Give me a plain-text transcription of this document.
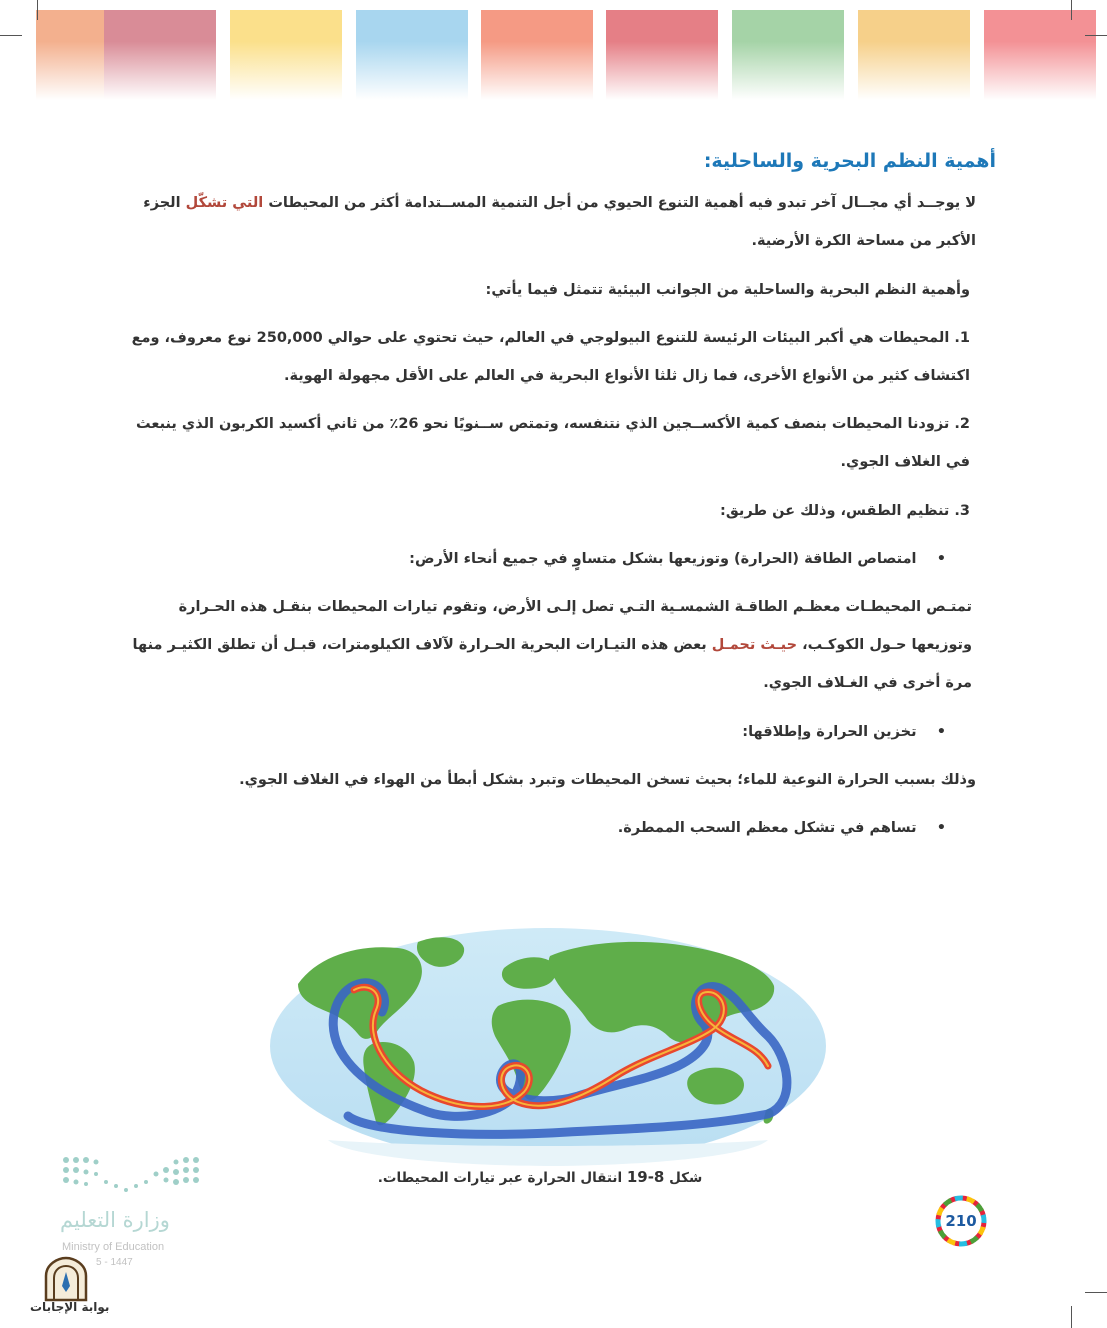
أهمية النظم البحرية والساحلية:
لا يوجــد أي مجــال آخر تبدو فيه أهمية التنوع الحيوي من أجل التنمية المســتدامة أكثر من المحيطات التي تشكّل الجزء الأكبر من مساحة الكرة الأرضية.
وأهمية النظم البحرية والساحلية من الجوانب البيئية تتمثل فيما يأتي:
1. المحيطات هي أكبر البيئات الرئيسة للتنوع البيولوجي في العالم، حيث تحتوي على حوالي 250,000 نوع معروف، ومع اكتشاف كثير من الأنواع الأخرى، فما زال ثلثا الأنواع البحرية في العالم على الأقل مجهولة الهوية.
2. تزودنا المحيطات بنصف كمية الأكســجين الذي نتنفسه، وتمتص ســنويًا نحو 26٪ من ثاني أكسيد الكربون الذي ينبعث في الغلاف الجوي.
3. تنظيم الطقس، وذلك عن طريق:
•    امتصاص الطاقة (الحرارة) وتوزيعها بشكل متساوٍ في جميع أنحاء الأرض:
تمتـص المحيطـات معظـم الطاقـة الشمسـية التـي تصل إلـى الأرض، وتقوم تيارات المحيطات بنقـل هذه الحـرارة وتوزيعها حـول الكوكـب، حيـث تحمـل بعض هذه التيـارات البحرية الحـرارة لآلاف الكيلومترات، قبـل أن تطلق الكثيـر منها مرة أخرى في الغـلاف الجوي.
•    تخزين الحرارة وإطلاقها:
وذلك بسبب الحرارة النوعية للماء؛ بحيث تسخن المحيطات وتبرد بشكل أبطأ من الهواء في الغلاف الجوي.
•    تساهم في تشكل معظم السحب الممطرة.
شكل 8-19 انتقال الحرارة عبر تيارات المحيطات.
210
وزارة التعليم
Ministry of Education
5 - 1447
بوابة الإجابات
